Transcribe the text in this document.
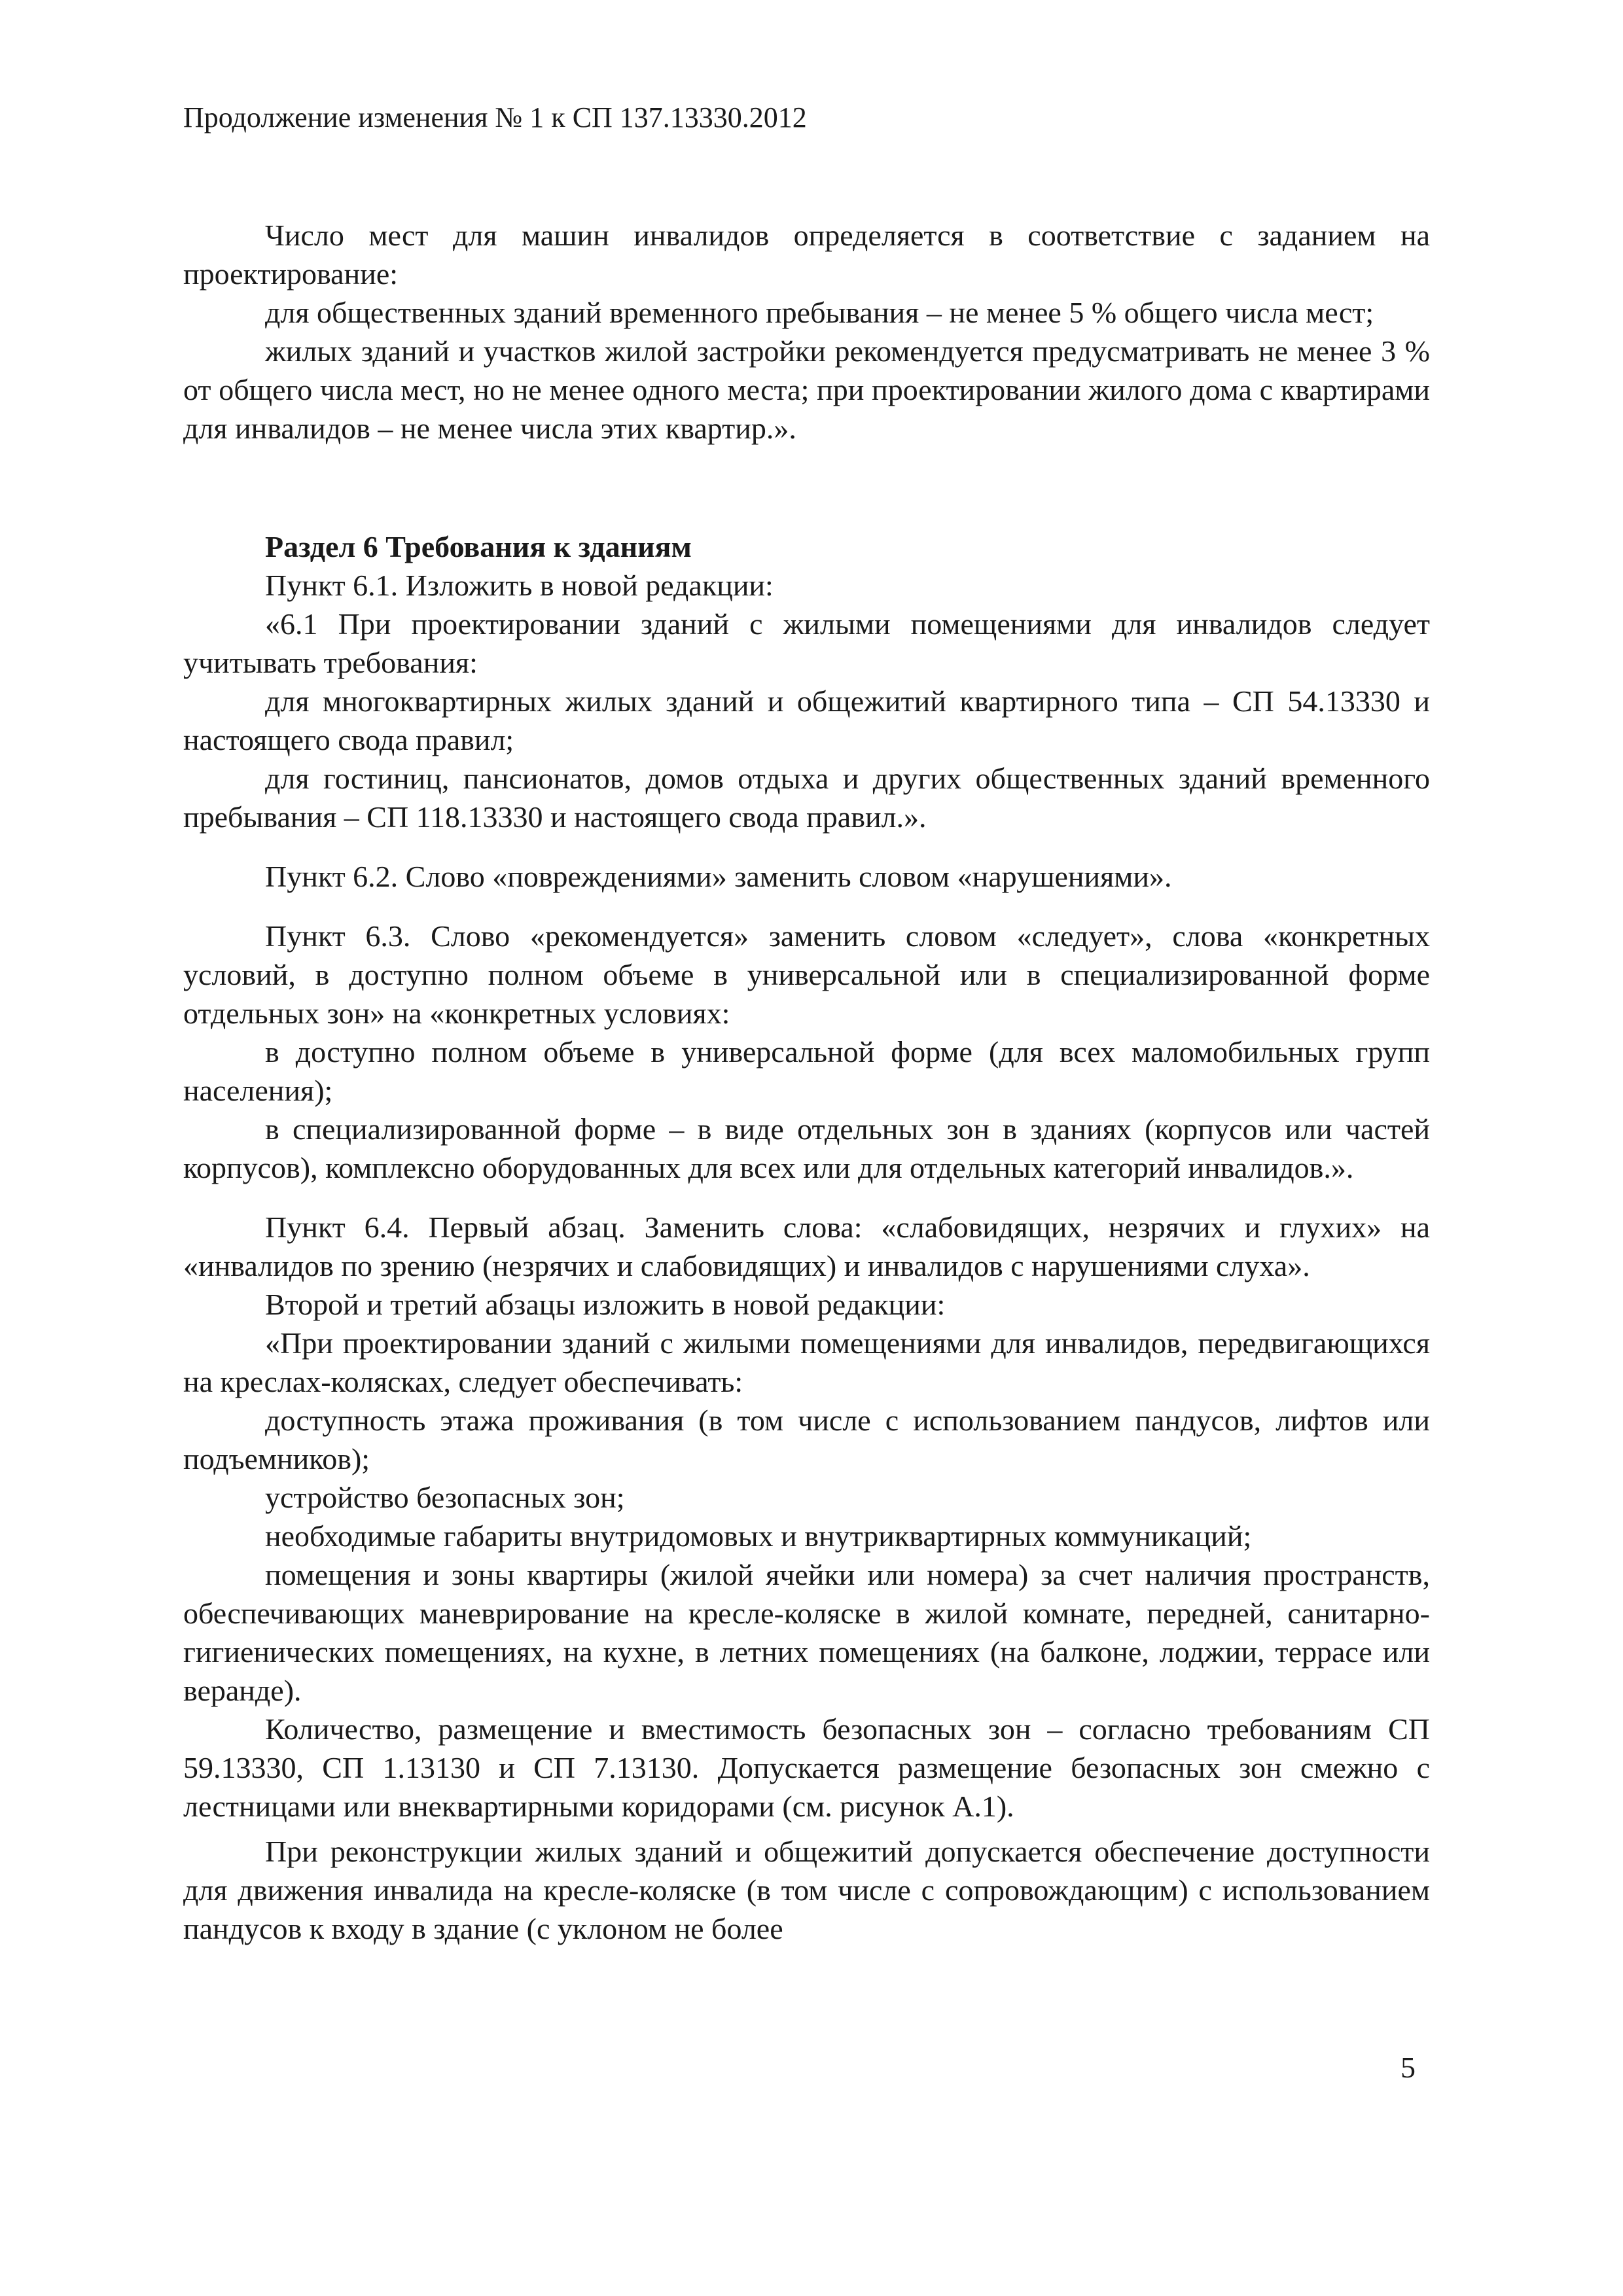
Продолжение изменения № 1 к СП 137.13330.2012

Число мест для машин инвалидов определяется в соответствие с заданием на проектирование:

для общественных зданий временного пребывания – не менее 5 % общего числа мест;

жилых зданий и участков жилой застройки рекомендуется предусматривать не менее 3 % от общего числа мест, но не менее одного места; при проектировании жилого дома с квартирами для инвалидов – не менее числа этих квартир.».

Раздел 6 Требования к зданиям

Пункт 6.1. Изложить в новой редакции:

«6.1 При проектировании зданий с жилыми помещениями для инвалидов следует учитывать требования:

для многоквартирных жилых зданий и общежитий квартирного типа – СП 54.13330 и настоящего свода правил;

для гостиниц, пансионатов, домов отдыха и других общественных зданий временного пребывания – СП 118.13330 и настоящего свода правил.».

Пункт 6.2. Слово «повреждениями» заменить словом «нарушениями».

Пункт 6.3. Слово «рекомендуется» заменить словом «следует», слова «конкретных условий, в доступно полном объеме в универсальной или в специализированной форме отдельных зон» на «конкретных условиях:

в доступно полном объеме в универсальной форме (для всех маломобильных групп населения);

в специализированной форме – в виде отдельных зон в зданиях (корпусов или частей корпусов), комплексно оборудованных для всех или для отдельных категорий инвалидов.».

Пункт 6.4. Первый абзац. Заменить слова: «слабовидящих, незрячих и глухих» на «инвалидов по зрению (незрячих и слабовидящих) и инвалидов с нарушениями слуха».

Второй и третий абзацы изложить в новой редакции:

«При проектировании зданий с жилыми помещениями для инвалидов, передвигающихся на креслах-колясках, следует обеспечивать:

доступность этажа проживания (в том числе с использованием пандусов, лифтов или подъемников);

устройство безопасных зон;

необходимые габариты внутридомовых и внутриквартирных коммуникаций;

помещения и зоны квартиры (жилой ячейки или номера) за счет наличия пространств, обеспечивающих маневрирование на кресле-коляске в жилой комнате, передней, санитарно-гигиенических помещениях, на кухне, в летних помещениях (на балконе, лоджии, террасе или веранде).

Количество, размещение и вместимость безопасных зон – согласно требованиям СП 59.13330, СП 1.13130 и СП 7.13130. Допускается размещение безопасных зон смежно с лестницами или внеквартирными коридорами (см. рисунок А.1).

При реконструкции жилых зданий и общежитий допускается обеспечение доступности для движения инвалида на кресле-коляске (в том числе с сопровождающим) с использованием пандусов к входу в здание (с уклоном не более

5
